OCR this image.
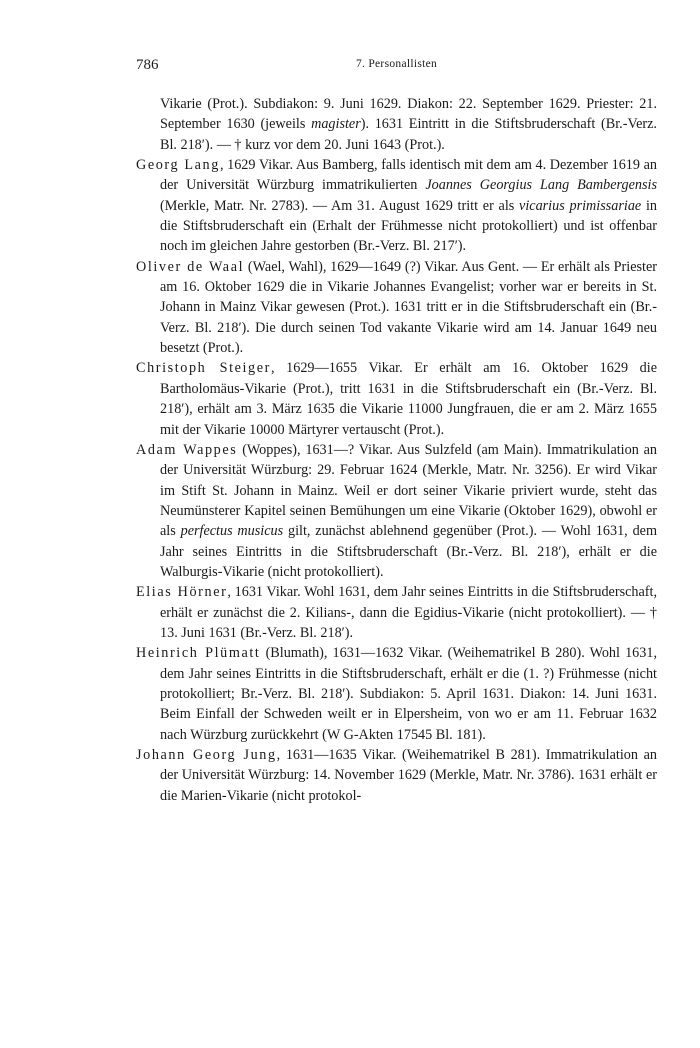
786	7. Personallisten

Vikarie (Prot.). Subdiakon: 9. Juni 1629. Diakon: 22. September 1629. Priester: 21. September 1630 (jeweils magister). 1631 Eintritt in die Stiftsbruderschaft (Br.-Verz. Bl. 218′). — † kurz vor dem 20. Juni 1643 (Prot.).

Georg Lang, 1629 Vikar. Aus Bamberg, falls identisch mit dem am 4. Dezember 1619 an der Universität Würzburg immatrikulierten Joannes Georgius Lang Bambergensis (Merkle, Matr. Nr. 2783). — Am 31. August 1629 tritt er als vicarius primissariae in die Stiftsbruderschaft ein (Erhalt der Frühmesse nicht protokolliert) und ist offenbar noch im gleichen Jahre gestorben (Br.-Verz. Bl. 217′).

Oliver de Waal (Wael, Wahl), 1629—1649 (?) Vikar. Aus Gent. — Er erhält als Priester am 16. Oktober 1629 die in Vikarie Johannes Evangelist; vorher war er bereits in St. Johann in Mainz Vikar gewesen (Prot.). 1631 tritt er in die Stiftsbruderschaft ein (Br.-Verz. Bl. 218′). Die durch seinen Tod vakante Vikarie wird am 14. Januar 1649 neu besetzt (Prot.).

Christoph Steiger, 1629—1655 Vikar. Er erhält am 16. Oktober 1629 die Bartholomäus-Vikarie (Prot.), tritt 1631 in die Stiftsbruderschaft ein (Br.-Verz. Bl. 218′), erhält am 3. März 1635 die Vikarie 11000 Jungfrauen, die er am 2. März 1655 mit der Vikarie 10000 Märtyrer vertauscht (Prot.).

Adam Wappes (Woppes), 1631—? Vikar. Aus Sulzfeld (am Main). Immatrikulation an der Universität Würzburg: 29. Februar 1624 (Merkle, Matr. Nr. 3256). Er wird Vikar im Stift St. Johann in Mainz. Weil er dort seiner Vikarie priviert wurde, steht das Neumünsterer Kapitel seinen Bemühungen um eine Vikarie (Oktober 1629), obwohl er als perfectus musicus gilt, zunächst ablehnend gegenüber (Prot.). — Wohl 1631, dem Jahr seines Eintritts in die Stiftsbruderschaft (Br.-Verz. Bl. 218′), erhält er die Walburgis-Vikarie (nicht protokolliert).

Elias Hörner, 1631 Vikar. Wohl 1631, dem Jahr seines Eintritts in die Stiftsbruderschaft, erhält er zunächst die 2. Kilians-, dann die Egidius-Vikarie (nicht protokolliert). — † 13. Juni 1631 (Br.-Verz. Bl. 218′).

Heinrich Plümatt (Blumath), 1631—1632 Vikar. (Weihematrikel B 280). Wohl 1631, dem Jahr seines Eintritts in die Stiftsbruderschaft, erhält er die (1. ?) Frühmesse (nicht protokolliert; Br.-Verz. Bl. 218′). Subdiakon: 5. April 1631. Diakon: 14. Juni 1631. Beim Einfall der Schweden weilt er in Elpersheim, von wo er am 11. Februar 1632 nach Würzburg zurückkehrt (W G-Akten 17545 Bl. 181).

Johann Georg Jung, 1631—1635 Vikar. (Weihematrikel B 281). Immatrikulation an der Universität Würzburg: 14. November 1629 (Merkle, Matr. Nr. 3786). 1631 erhält er die Marien-Vikarie (nicht protokol-
